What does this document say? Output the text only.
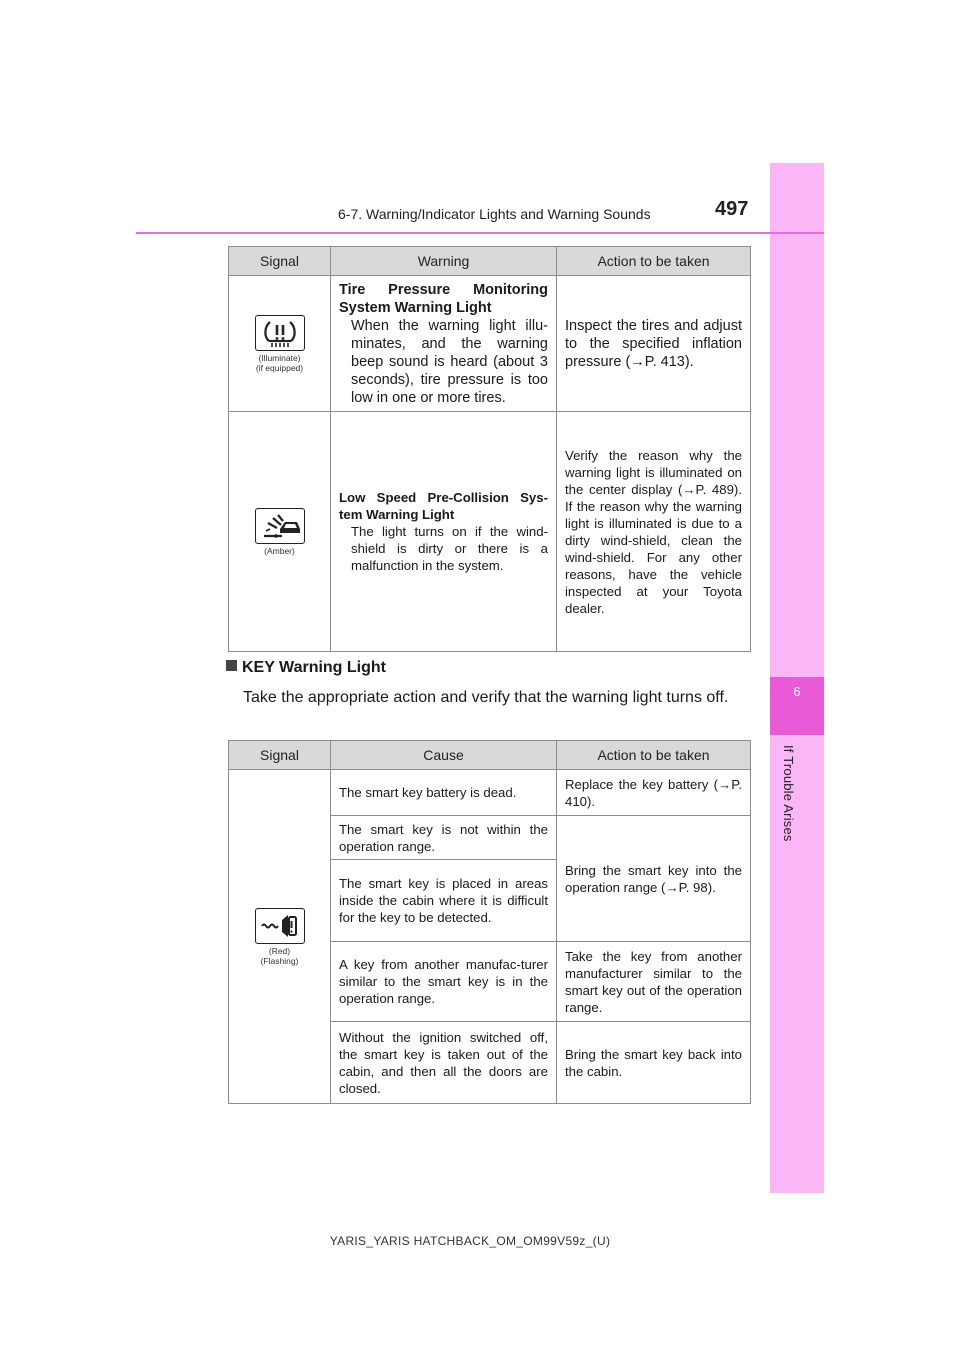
6
If Trouble Arises
6-7. Warning/Indicator Lights and Warning Sounds	497
Signal	Warning	Action to be taken

(Illuminate)
(if equipped)	Tire Pressure Monitoring System Warning Light
When the warning light illu-minates, and the warning beep sound is heard (about 3 seconds), tire pressure is too low in one or more tires.	Inspect the tires and adjust to the specified inflation pressure (→P. 413).

(Amber)	Low Speed Pre-Collision Sys-tem Warning Light
The light turns on if the wind-shield is dirty or there is a malfunction in the system.	Verify the reason why the warning light is illuminated on the center display (→P. 489). If the reason why the warning light is illuminated is due to a dirty wind-shield, clean the wind-shield. For any other reasons, have the vehicle inspected at your Toyota dealer.
KEY Warning Light
Take the appropriate action and verify that the warning light turns off.
Signal	Cause	Action to be taken

(Red)
(Flashing)	The smart key battery is dead.	Replace the key battery (→P. 410).
	The smart key is not within the operation range.	Bring the smart key into the operation range (→P. 98).
	The smart key is placed in areas inside the cabin where it is difficult for the key to be detected.	
	A key from another manufac-turer similar to the smart key is in the operation range.	Take the key from another manufacturer similar to the smart key out of the operation range.
	Without the ignition switched off, the smart key is taken out of the cabin, and then all the doors are closed.	Bring the smart key back into the cabin.
YARIS_YARIS HATCHBACK_OM_OM99V59z_(U)
